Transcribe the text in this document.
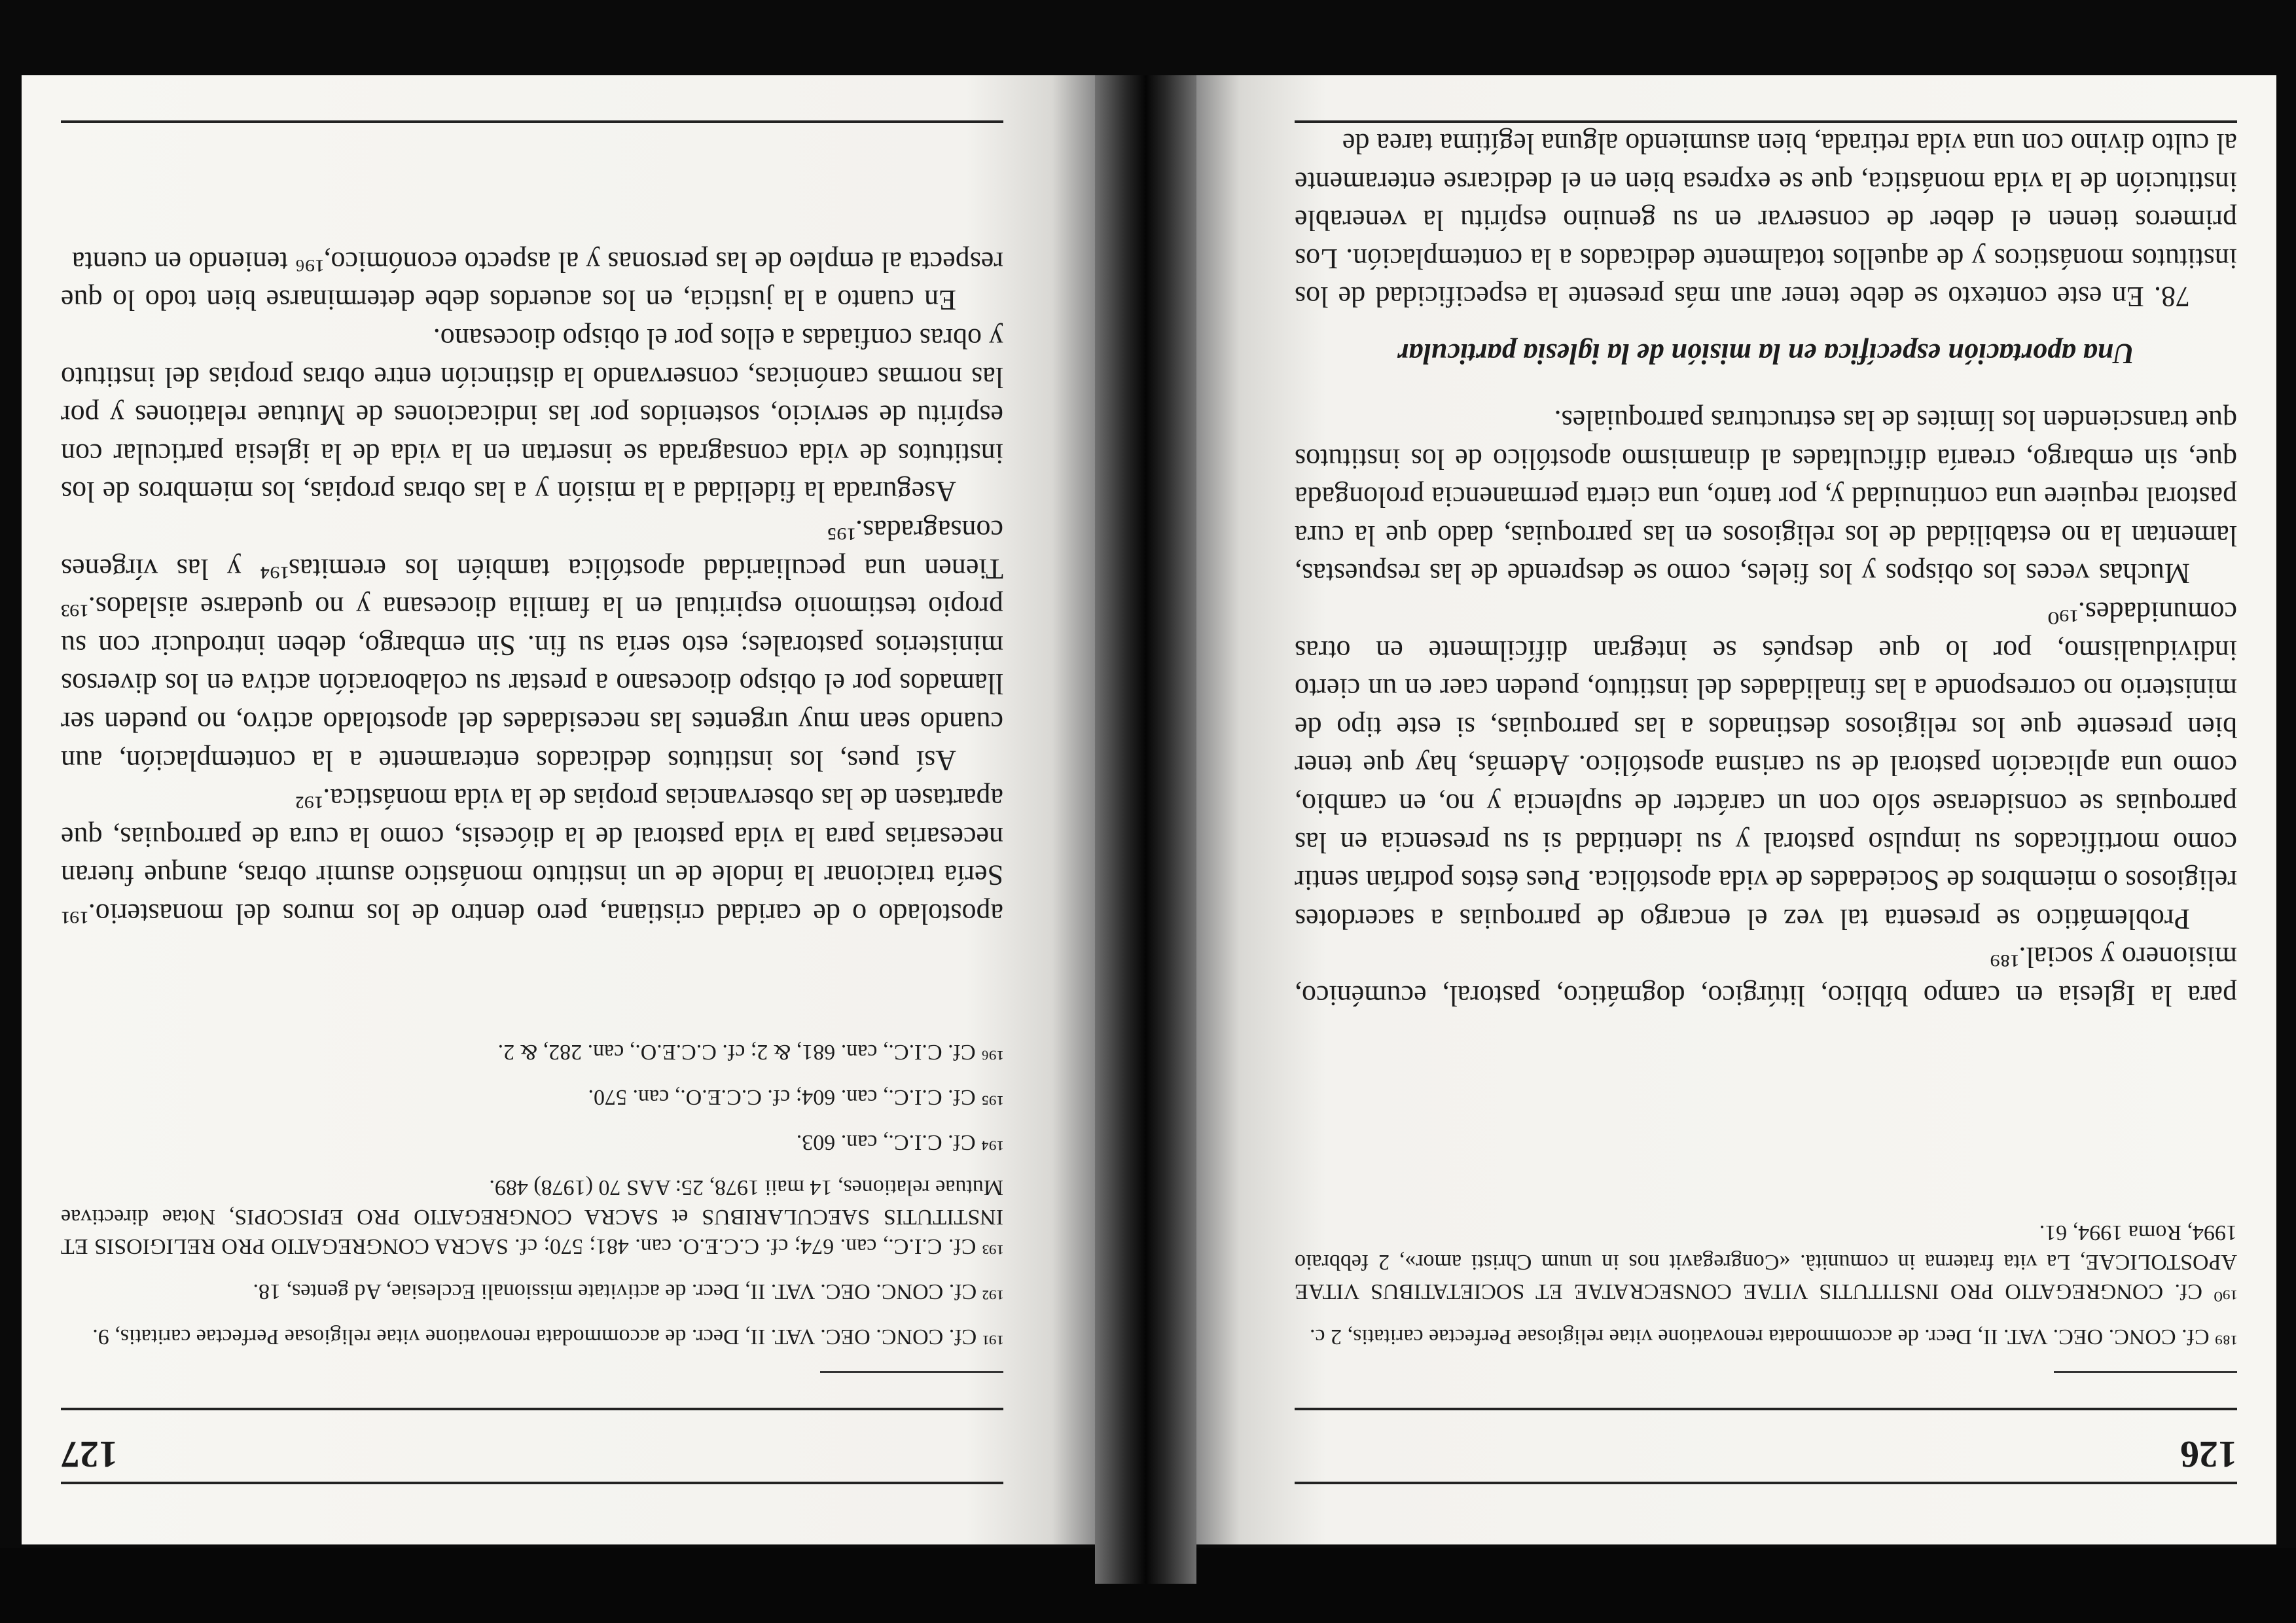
126

¹⁸⁹ Cf. CONC. OEC. VAT. II, Decr. de accommodata renovatione vitae religiosae Perfectae caritatis, 2 c.

¹⁹⁰ Cf. CONGREGATIO PRO INSTITUTIS VITAE CONSECRATAE ET SOCIETATIBUS VITAE APOSTOLICAE, La vita fraterna in comunità. «Congregavit nos in unum Christi amor», 2 febbraio 1994, Roma 1994, 61.

para la Iglesia en campo bíblico, litúrgico, dogmático, pastoral, ecuménico, misionero y social.¹⁸⁹

Problemático se presenta tal vez el encargo de parroquias a sacerdotes religiosos o miembros de Sociedades de vida apostólica. Pues éstos podrían sentir como mortificados su impulso pastoral y su identidad si su presencia en las parroquias se considerase sólo con un carácter de suplencia y no, en cambio, como una aplicación pastoral de su carisma apostólico. Además, hay que tener bien presente que los religiosos destinados a las parroquias, si este tipo de ministerio no corresponde a las finalidades del instituto, pueden caer en un cierto individualismo, por lo que después se integran difícilmente en otras comunidades.¹⁹⁰

Muchas veces los obispos y los fieles, como se desprende de las respuestas, lamentan la no estabilidad de los religiosos en las parroquias, dado que la cura pastoral requiere una continuidad y, por tanto, una cierta permanencia prolongada que, sin embargo, crearía dificultades al dinamismo apostólico de los institutos que transcienden los límites de las estructuras parroquiales.

Una aportación específica en la misión de la iglesia particular

78. En este contexto se debe tener aun más presente la especificidad de los institutos monásticos y de aquellos totalmente dedicados a la contemplación. Los primeros tienen el deber de conservar en su genuino espíritu la venerable institución de la vida monástica, que se expresa bien en el dedicarse enteramente al culto divino con una vida retirada, bien asumiendo alguna legítima tarea de

127

¹⁹¹ Cf. CONC. OEC. VAT. II, Decr. de accommodata renovatione vitae religiosae Perfectae caritatis, 9.

¹⁹² Cf. CONC. OEC. VAT. II, Decr. de activitate missionali Ecclesiae, Ad gentes, 18.

¹⁹³ Cf. C.I.C., can. 674; cf. C.C.E.O. can. 481; 570; cf. SACRA CONGREGATIO PRO RELIGIOSIS ET INSTITUTIS SAECULARIBUS et SACRA CONGREGATIO PRO EPISCOPIS, Notae directivae Mutuae relationes, 14 maii 1978, 25: AAS 70 (1978) 489.

¹⁹⁴ Cf. C.I.C., can. 603.

¹⁹⁵ Cf. C.I.C., can. 604; cf. C.C.E.O., can. 570.

¹⁹⁶ Cf. C.I.C., can. 681, & 2; cf. C.C.E.O., can. 282, & 2.

apostolado o de caridad cristiana, pero dentro de los muros del monasterio.¹⁹¹ Sería traicionar la índole de un instituto monástico asumir obras, aunque fueran necesarias para la vida pastoral de la diócesis, como la cura de parroquias, que apartasen de las observancias propias de la vida monástica.¹⁹²

Así pues, los institutos dedicados enteramente a la contemplación, aun cuando sean muy urgentes las necesidades del apostolado activo, no pueden ser llamados por el obispo diocesano a prestar su colaboración activa en los diversos ministerios pastorales; esto sería su fin. Sin embargo, deben introducir con su propio testimonio espiritual en la familia diocesana y no quedarse aislados.¹⁹³ Tienen una peculiaridad apostólica también los eremitas¹⁹⁴ y las vírgenes consagradas.¹⁹⁵

Asegurada la fidelidad a la misión y a las obras propias, los miembros de los institutos de vida consagrada se insertan en la vida de la iglesia particular con espíritu de servicio, sostenidos por las indicaciones de Mutuae relationes y por las normas canónicas, conservando la distinción entre obras propias del instituto y obras confiadas a ellos por el obispo diocesano.

En cuanto a la justicia, en los acuerdos debe determinarse bien todo lo que respecta al empleo de las personas y al aspecto económico,¹⁹⁶ teniendo en cuenta
